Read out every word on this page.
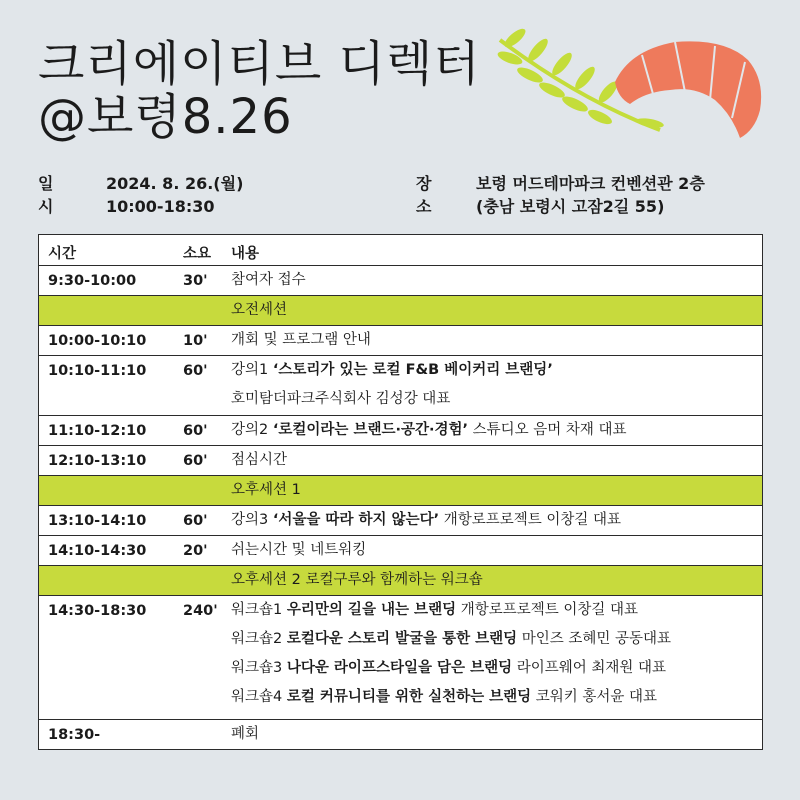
크리에이티브 디렉터
@보령8.26
일시
2024. 8. 26.(월)
10:00-18:30
장소
보령 머드테마파크 컨벤션관 2층
(충남 보령시 고잠2길 55)
시간	소요 내용
9:30-10:00	30' 참여자 접수
오전세션
10:00-10:10	10' 개회 및 프로그램 안내
10:10-11:10	60' 강의1 ‘스토리가 있는 로컬 F&B 베이커리 브랜딩’
호미탐더파크주식회사 김성강 대표
11:10-12:10	60' 강의2 ‘로컬이라는 브랜드·공간·경험’ 스튜디오 음머 차재 대표
12:10-13:10	60' 점심시간
오후세션 1
13:10-14:10	60' 강의3 ‘서울을 따라 하지 않는다’ 개항로프로젝트 이창길 대표
14:10-14:30	20' 쉬는시간 및 네트워킹
오후세션 2 로컬구루와 함께하는 워크숍
14:30-18:30	240' 워크숍1 우리만의 길을 내는 브랜딩 개항로프로젝트 이창길 대표
워크숍2 로컬다운 스토리 발굴을 통한 브랜딩 마인즈 조혜민 공동대표
워크숍3 나다운 라이프스타일을 담은 브랜딩 라이프웨어 최재원 대표
워크숍4 로컬 커뮤니티를 위한 실천하는 브랜딩 코워키 홍서윤 대표
18:30-	폐회
